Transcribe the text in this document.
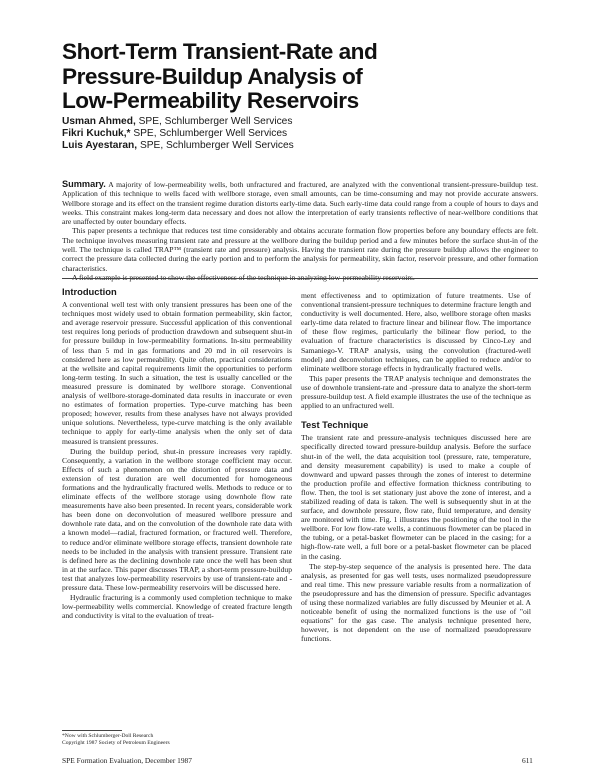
Short-Term Transient-Rate and
Pressure-Buildup Analysis of
Low-Permeability Reservoirs
Usman Ahmed, SPE, Schlumberger Well Services
Fikri Kuchuk,* SPE, Schlumberger Well Services
Luis Ayestaran, SPE, Schlumberger Well Services

Summary. A majority of low-permeability wells, both unfractured and fractured, are analyzed with the conventional transient-pressure-buildup test. Application of this technique to wells faced with wellbore storage, even small amounts, can be time-consuming and may not provide accurate answers. Wellbore storage and its effect on the transient regime duration distorts early-time data. Such early-time data could range from a couple of hours to days and weeks. This constraint makes long-term data necessary and does not allow the interpretation of early transients reflective of near-wellbore conditions that are unaffected by outer boundary effects.

This paper presents a technique that reduces test time considerably and obtains accurate formation flow properties before any boundary effects are felt. The technique involves measuring transient rate and pressure at the wellbore during the buildup period and a few minutes before the surface shut-in of the well. The technique is called TRAP™ (transient rate and pressure) analysis. Having the transient rate during the pressure buildup allows the engineer to correct the pressure data collected during the early portion and to perform the analysis for permeability, skin factor, reservoir pressure, and other formation characteristics.

A field example is presented to show the effectiveness of the technique in analyzing low-permeability reservoirs.

Introduction

A conventional well test with only transient pressures has been one of the techniques most widely used to obtain formation permeability, skin factor, and average reservoir pressure. Successful application of this conventional test requires long periods of production drawdown and subsequent shut-in for pressure buildup in low-permeability formations. In-situ permeability of less than 5 md in gas formations and 20 md in oil reservoirs is considered here as low permeability. Quite often, practical considerations at the wellsite and capital requirements limit the opportunities to perform long-term testing. In such a situation, the test is usually cancelled or the measured pressure is dominated by wellbore storage. Conventional analysis of wellbore-storage-dominated data results in inaccurate or even no estimates of formation properties. Type-curve matching has been proposed; however, results from these analyses have not always provided unique solutions. Nevertheless, type-curve matching is the only available technique to apply for early-time analysis when the only set of data measured is transient pressures.

During the buildup period, shut-in pressure increases very rapidly. Consequently, a variation in the wellbore storage coefficient may occur. Effects of such a phenomenon on the distortion of pressure data and extension of test duration are well documented for homogeneous formations and the hydraulically fractured wells. Methods to reduce or to eliminate effects of the wellbore storage using downhole flow rate measurements have also been presented. In recent years, considerable work has been done on deconvolution of measured wellbore pressure and downhole rate data, and on the convolution of the downhole rate data with a known model—radial, fractured formation, or fractured well. Therefore, to reduce and/or eliminate wellbore storage effects, transient downhole rate needs to be included in the analysis with transient pressure. Transient rate is defined here as the declining downhole rate once the well has been shut in at the surface. This paper discusses TRAP, a short-term pressure-buildup test that analyzes low-permeability reservoirs by use of transient-rate and -pressure data. These low-permeability reservoirs will be discussed here.

Hydraulic fracturing is a commonly used completion technique to make low-permeability wells commercial. Knowledge of created fracture length and conductivity is vital to the evaluation of treat-

ment effectiveness and to optimization of future treatments. Use of conventional transient-pressure techniques to determine fracture length and conductivity is well documented. Here, also, wellbore storage often masks early-time data related to fracture linear and bilinear flow. The importance of these flow regimes, particularly the bilinear flow period, to the evaluation of fracture characteristics is discussed by Cinco-Ley and Samaniego-V. TRAP analysis, using the convolution (fractured-well model) and deconvolution techniques, can be applied to reduce and/or to eliminate wellbore storage effects in hydraulically fractured wells.

This paper presents the TRAP analysis technique and demonstrates the use of downhole transient-rate and -pressure data to analyze the short-term pressure-buildup test. A field example illustrates the use of the technique as applied to an unfractured well.

Test Technique

The transient rate and pressure-analysis techniques discussed here are specifically directed toward pressure-buildup analysis. Before the surface shut-in of the well, the data acquisition tool (pressure, rate, temperature, and density measurement capability) is used to make a couple of downward and upward passes through the zones of interest to determine the production profile and effective formation thickness contributing to flow. Then, the tool is set stationary just above the zone of interest, and a stabilized reading of data is taken. The well is subsequently shut in at the surface, and downhole pressure, flow rate, fluid temperature, and density are monitored with time. Fig. 1 illustrates the positioning of the tool in the wellbore. For low flow-rate wells, a continuous flowmeter can be placed in the tubing, or a petal-basket flowmeter can be placed in the casing; for a high-flow-rate well, a full bore or a petal-basket flowmeter can be placed in the casing.

The step-by-step sequence of the analysis is presented here. The data analysis, as presented for gas well tests, uses normalized pseudopressure and real time. This new pressure variable results from a normalization of the pseudopressure and has the dimension of pressure. Specific advantages of using these normalized variables are fully discussed by Meunier et al. A noticeable benefit of using the normalized functions is the use of "oil equations" for the gas case. The analysis technique presented here, however, is not dependent on the use of normalized pseudopressure functions.

*Now with Schlumberger-Doll Research
Copyright 1987 Society of Petroleum Engineers
SPE Formation Evaluation, December 1987	611
